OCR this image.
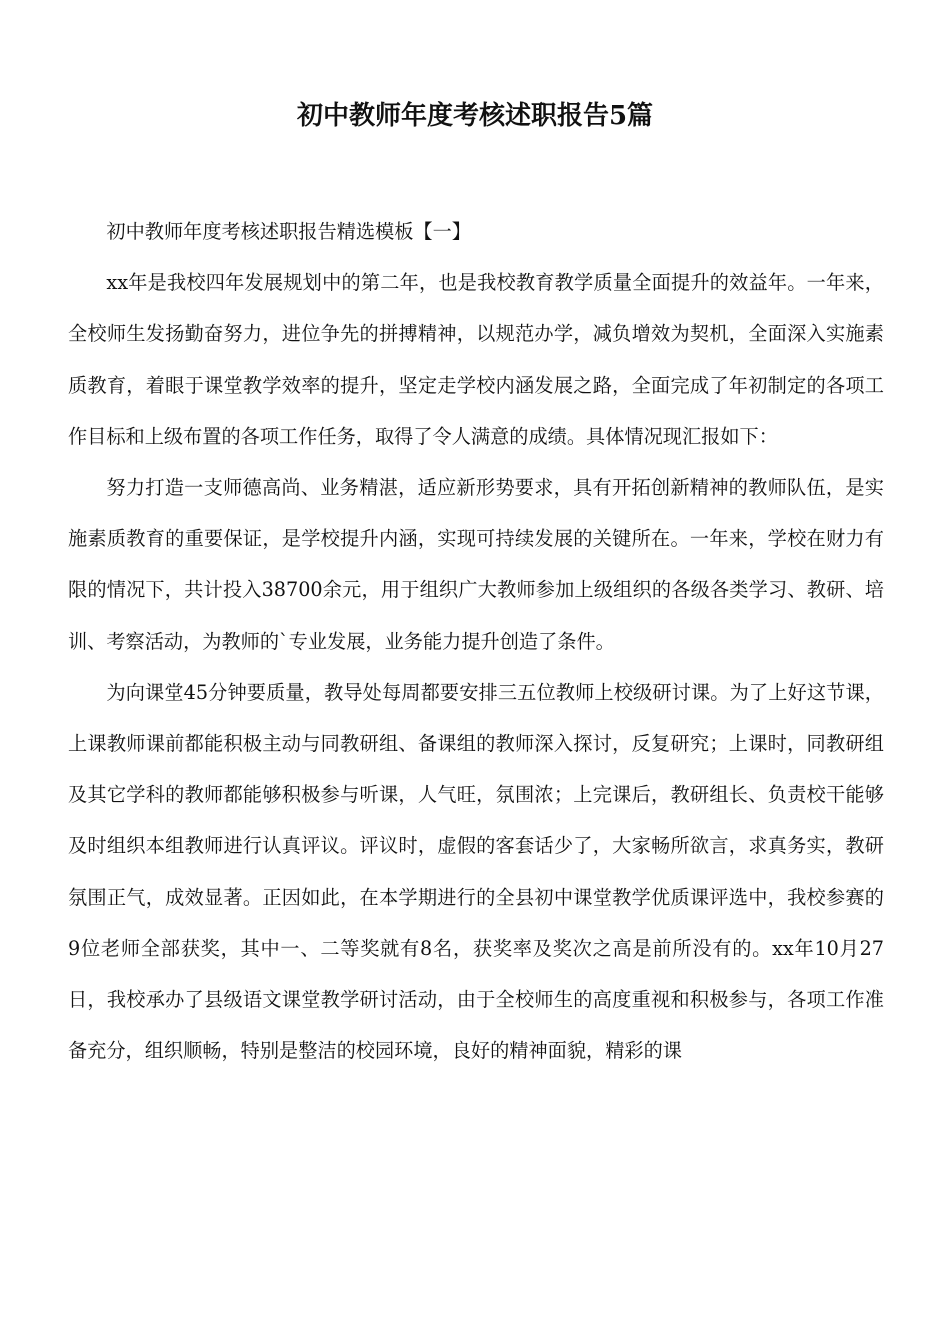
初中教师年度考核述职报告5篇

初中教师年度考核述职报告精选模板【一】

xx年是我校四年发展规划中的第二年，也是我校教育教学质量全面提升的效益年。一年来，全校师生发扬勤奋努力，进位争先的拼搏精神，以规范办学，减负增效为契机，全面深入实施素质教育，着眼于课堂教学效率的提升，坚定走学校内涵发展之路，全面完成了年初制定的各项工作目标和上级布置的各项工作任务，取得了令人满意的成绩。具体情况现汇报如下：

努力打造一支师德高尚、业务精湛，适应新形势要求，具有开拓创新精神的教师队伍，是实施素质教育的重要保证，是学校提升内涵，实现可持续发展的关键所在。一年来，学校在财力有限的情况下，共计投入38700余元，用于组织广大教师参加上级组织的各级各类学习、教研、培训、考察活动，为教师的`专业发展，业务能力提升创造了条件。

为向课堂45分钟要质量，教导处每周都要安排三五位教师上校级研讨课。为了上好这节课，上课教师课前都能积极主动与同教研组、备课组的教师深入探讨，反复研究；上课时，同教研组及其它学科的教师都能够积极参与听课，人气旺，氛围浓；上完课后，教研组长、负责校干能够及时组织本组教师进行认真评议。评议时，虚假的客套话少了，大家畅所欲言，求真务实，教研氛围正气，成效显著。正因如此，在本学期进行的全县初中课堂教学优质课评选中，我校参赛的9位老师全部获奖，其中一、二等奖就有8名，获奖率及奖次之高是前所没有的。xx年10月27日，我校承办了县级语文课堂教学研讨活动，由于全校师生的高度重视和积极参与，各项工作准备充分，组织顺畅，特别是整洁的校园环境，良好的精神面貌，精彩的课
